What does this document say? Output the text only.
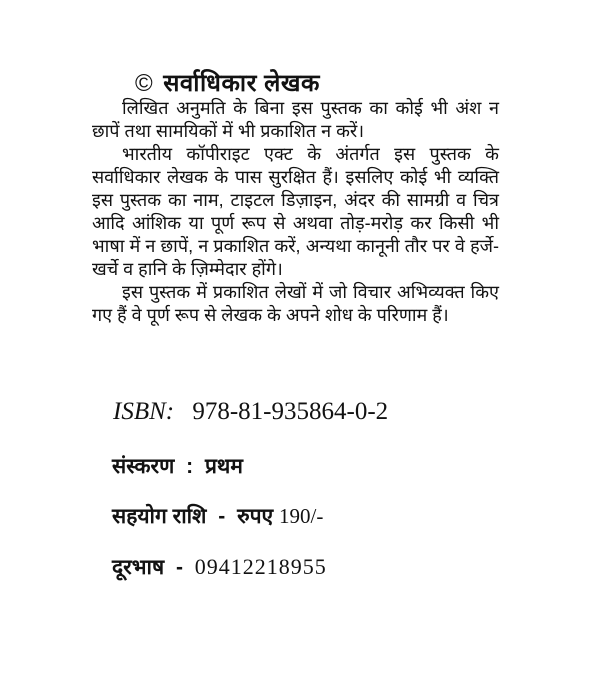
© सर्वाधिकार लेखक

लिखित अनुमति के बिना इस पुस्तक का कोई भी अंश न छापें तथा सामयिकों में भी प्रकाशित न करें।

भारतीय कॉपीराइट एक्ट के अंतर्गत इस पुस्तक के सर्वाधिकार लेखक के पास सुरक्षित हैं। इसलिए कोई भी व्यक्ति इस पुस्तक का नाम, टाइटल डिज़ाइन, अंदर की सामग्री व चित्र आदि आंशिक या पूर्ण रूप से अथवा तोड़-मरोड़ कर किसी भी भाषा में न छापें, न प्रकाशित करें, अन्यथा कानूनी तौर पर वे हर्जे-खर्चे व हानि के ज़िम्मेदार होंगे।

इस पुस्तक में प्रकाशित लेखों में जो विचार अभिव्यक्त किए गए हैं वे पूर्ण रूप से लेखक के अपने शोध के परिणाम हैं।

ISBN: 978-81-935864-0-2
संस्करण : प्रथम
सहयोग राशि - रुपए 190/-
दूरभाष - 09412218955
